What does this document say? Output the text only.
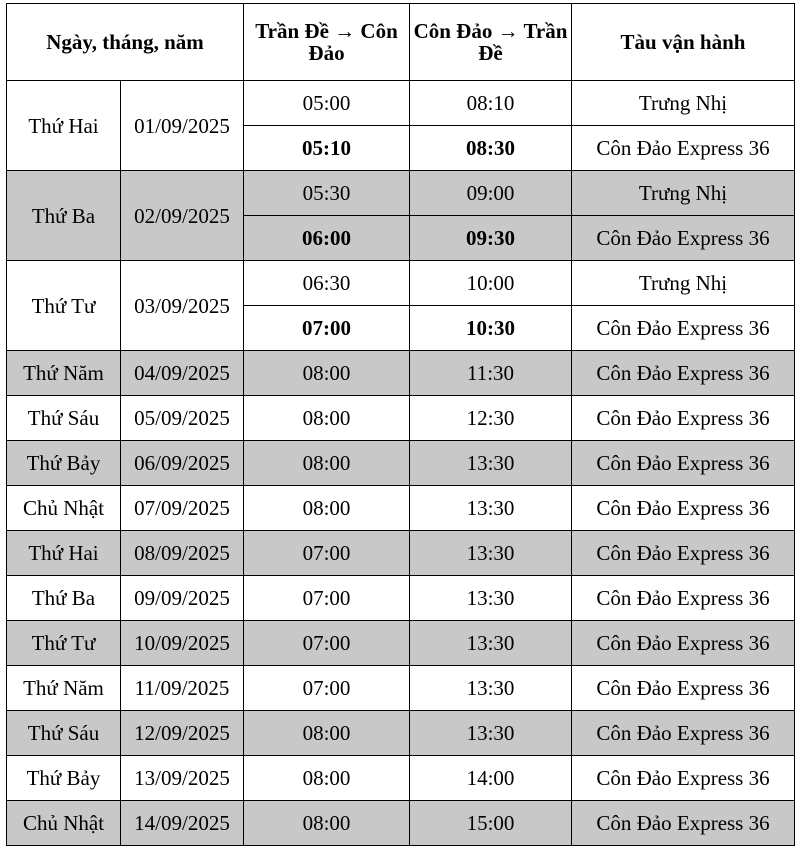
Ngày, tháng, năm		Trần Đề → Côn Đảo	Côn Đảo → Trần Đề	Tàu vận hành
Thứ Hai	01/09/2025	05:00	08:10	Trưng Nhị
		05:10	08:30	Côn Đảo Express 36
Thứ Ba	02/09/2025	05:30	09:00	Trưng Nhị
		06:00	09:30	Côn Đảo Express 36
Thứ Tư	03/09/2025	06:30	10:00	Trưng Nhị
		07:00	10:30	Côn Đảo Express 36
Thứ Năm	04/09/2025	08:00	11:30	Côn Đảo Express 36
Thứ Sáu	05/09/2025	08:00	12:30	Côn Đảo Express 36
Thứ Bảy	06/09/2025	08:00	13:30	Côn Đảo Express 36
Chủ Nhật	07/09/2025	08:00	13:30	Côn Đảo Express 36
Thứ Hai	08/09/2025	07:00	13:30	Côn Đảo Express 36
Thứ Ba	09/09/2025	07:00	13:30	Côn Đảo Express 36
Thứ Tư	10/09/2025	07:00	13:30	Côn Đảo Express 36
Thứ Năm	11/09/2025	07:00	13:30	Côn Đảo Express 36
Thứ Sáu	12/09/2025	08:00	13:30	Côn Đảo Express 36
Thứ Bảy	13/09/2025	08:00	14:00	Côn Đảo Express 36
Chủ Nhật	14/09/2025	08:00	15:00	Côn Đảo Express 36
